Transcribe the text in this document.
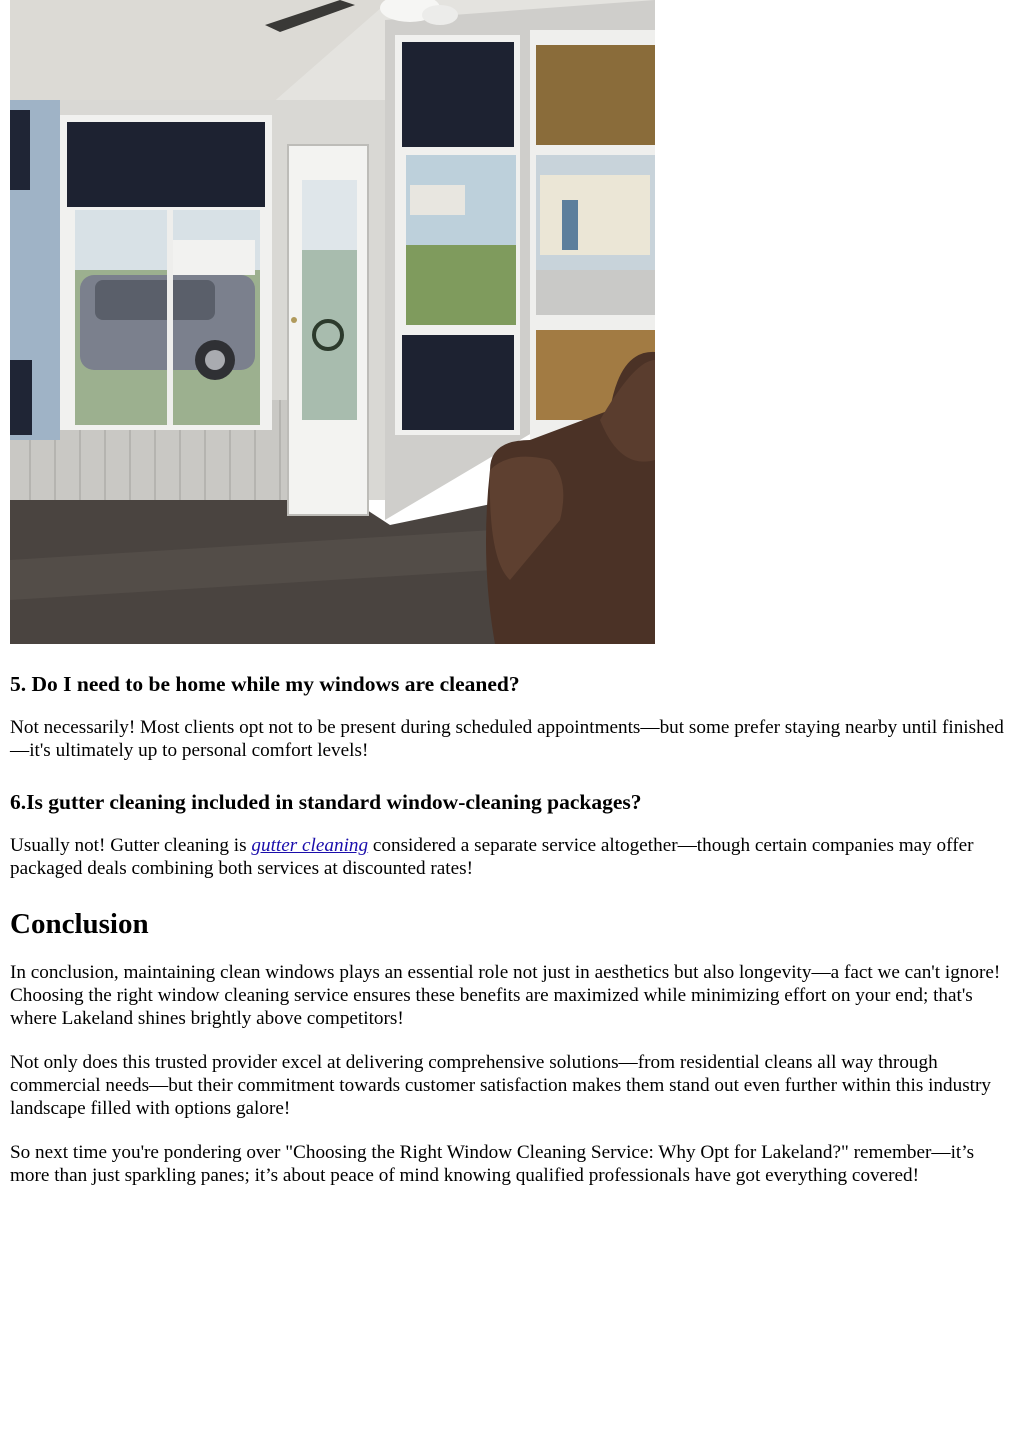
5. Do I need to be home while my windows are cleaned?

Not necessarily! Most clients opt not to be present during scheduled appointments—but some prefer staying nearby until finished—it's ultimately up to personal comfort levels!

6.Is gutter cleaning included in standard window-cleaning packages?

Usually not! Gutter cleaning is gutter cleaning considered a separate service altogether—though certain companies may offer packaged deals combining both services at discounted rates!

Conclusion

In conclusion, maintaining clean windows plays an essential role not just in aesthetics but also longevity—a fact we can't ignore! Choosing the right window cleaning service ensures these benefits are maximized while minimizing effort on your end; that's where Lakeland shines brightly above competitors!

Not only does this trusted provider excel at delivering comprehensive solutions—from residential cleans all way through commercial needs—but their commitment towards customer satisfaction makes them stand out even further within this industry landscape filled with options galore!

So next time you're pondering over "Choosing the Right Window Cleaning Service: Why Opt for Lakeland?" remember—it’s more than just sparkling panes; it’s about peace of mind knowing qualified professionals have got everything covered!
